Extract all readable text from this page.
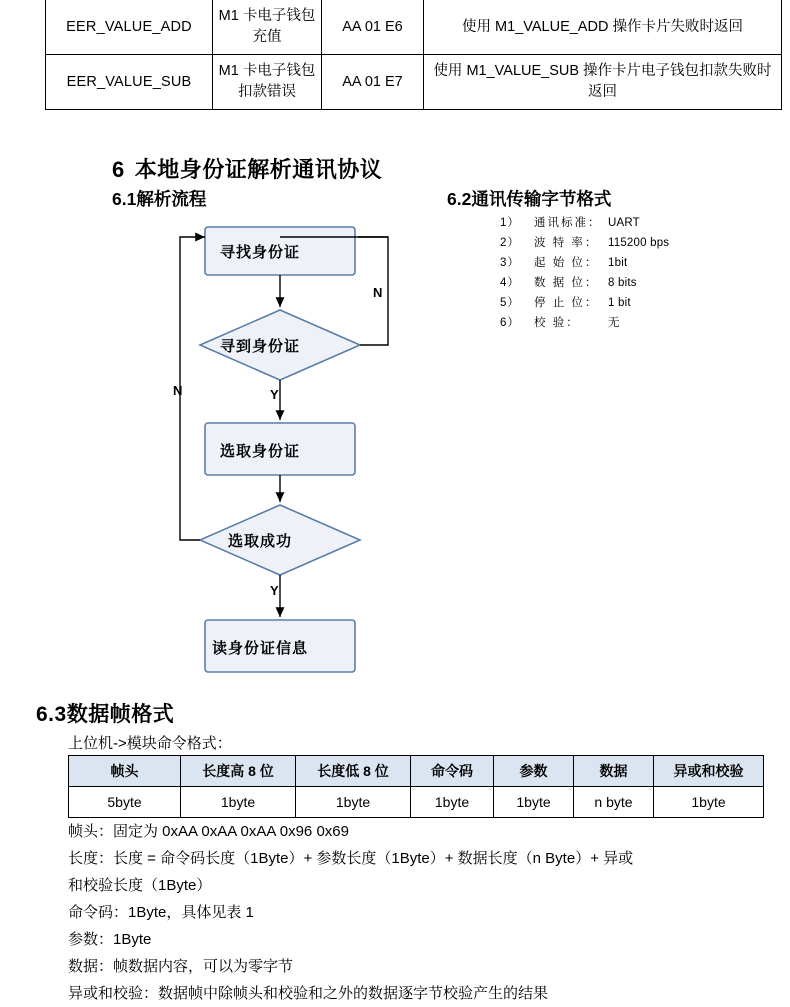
EER_VALUE_ADD	M1 卡电子钱包充值	AA 01 E6	使用 M1_VALUE_ADD 操作卡片失败时返回
EER_VALUE_SUB	M1 卡电子钱包扣款错误	AA 01 E7	使用 M1_VALUE_SUB 操作卡片电子钱包扣款失败时返回
6 本地身份证解析通讯协议
6.1解析流程	6.2通讯传输字节格式
1）	通讯标准： UART
2）	波 特 率： 115200 bps
3）	起 始 位： 1bit
4）	数 据 位： 8 bits
5）	停 止 位： 1 bit
6）	校 验：	无
寻找身份证
寻到身份证
选取身份证
选取成功
读身份证信息
N
N	Y
Y
6.3数据帧格式
上位机->模块命令格式：
帧头	长度高 8 位	长度低 8 位	命令码	参数	数据	异或和校验
5byte	1byte	1byte	1byte	1byte	n byte	1byte

帧头：固定为 0xAA 0xAA 0xAA 0x96 0x69

长度：长度 = 命令码长度（1Byte）+ 参数长度（1Byte）+ 数据长度（n Byte）+ 异或

和校验长度（1Byte）

命令码：1Byte，具体见表 1

参数：1Byte

数据：帧数据内容，可以为零字节

异或和校验：数据帧中除帧头和校验和之外的数据逐字节校验产生的结果
